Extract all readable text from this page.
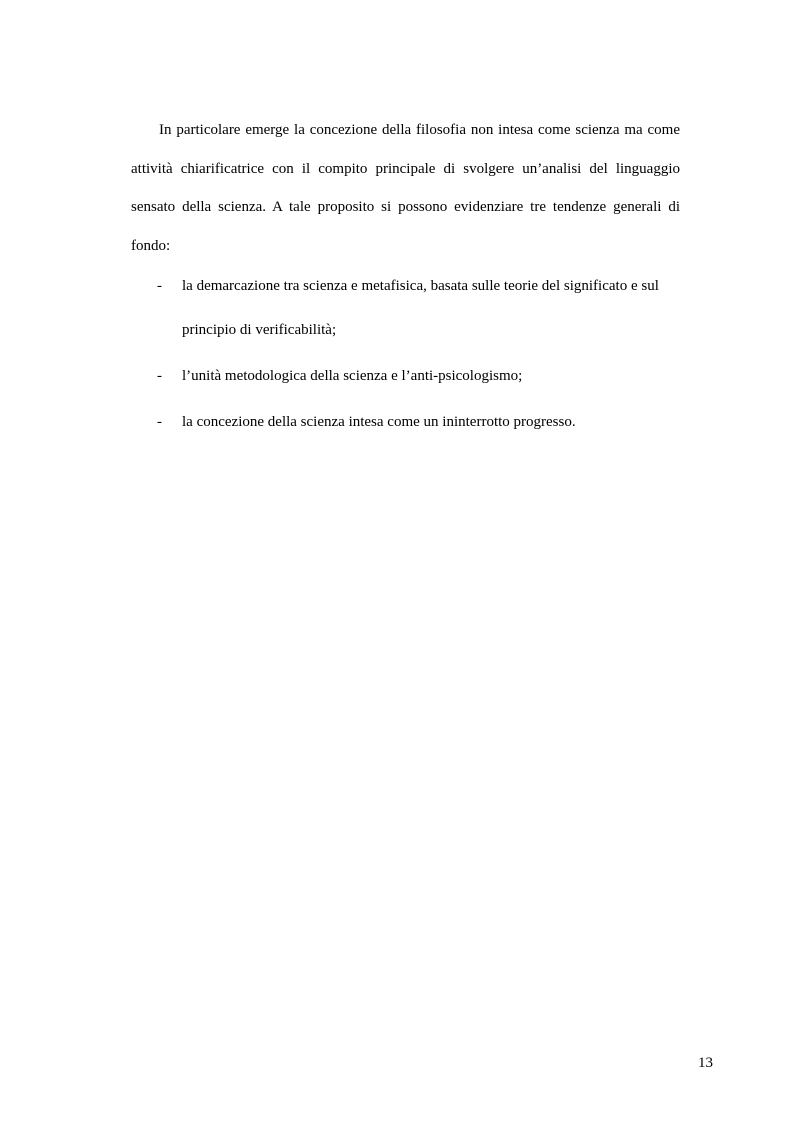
In particolare emerge la concezione della filosofia non intesa come scienza ma come attività chiarificatrice con il compito principale di svolgere un’analisi del linguaggio sensato della scienza. A tale proposito si possono evidenziare tre tendenze generali di fondo:

- la demarcazione tra scienza e metafisica, basata sulle teorie del significato e sul principio di verificabilità;
- l’unità metodologica della scienza e l’anti-psicologismo;
- la concezione della scienza intesa come un ininterrotto progresso.
13
